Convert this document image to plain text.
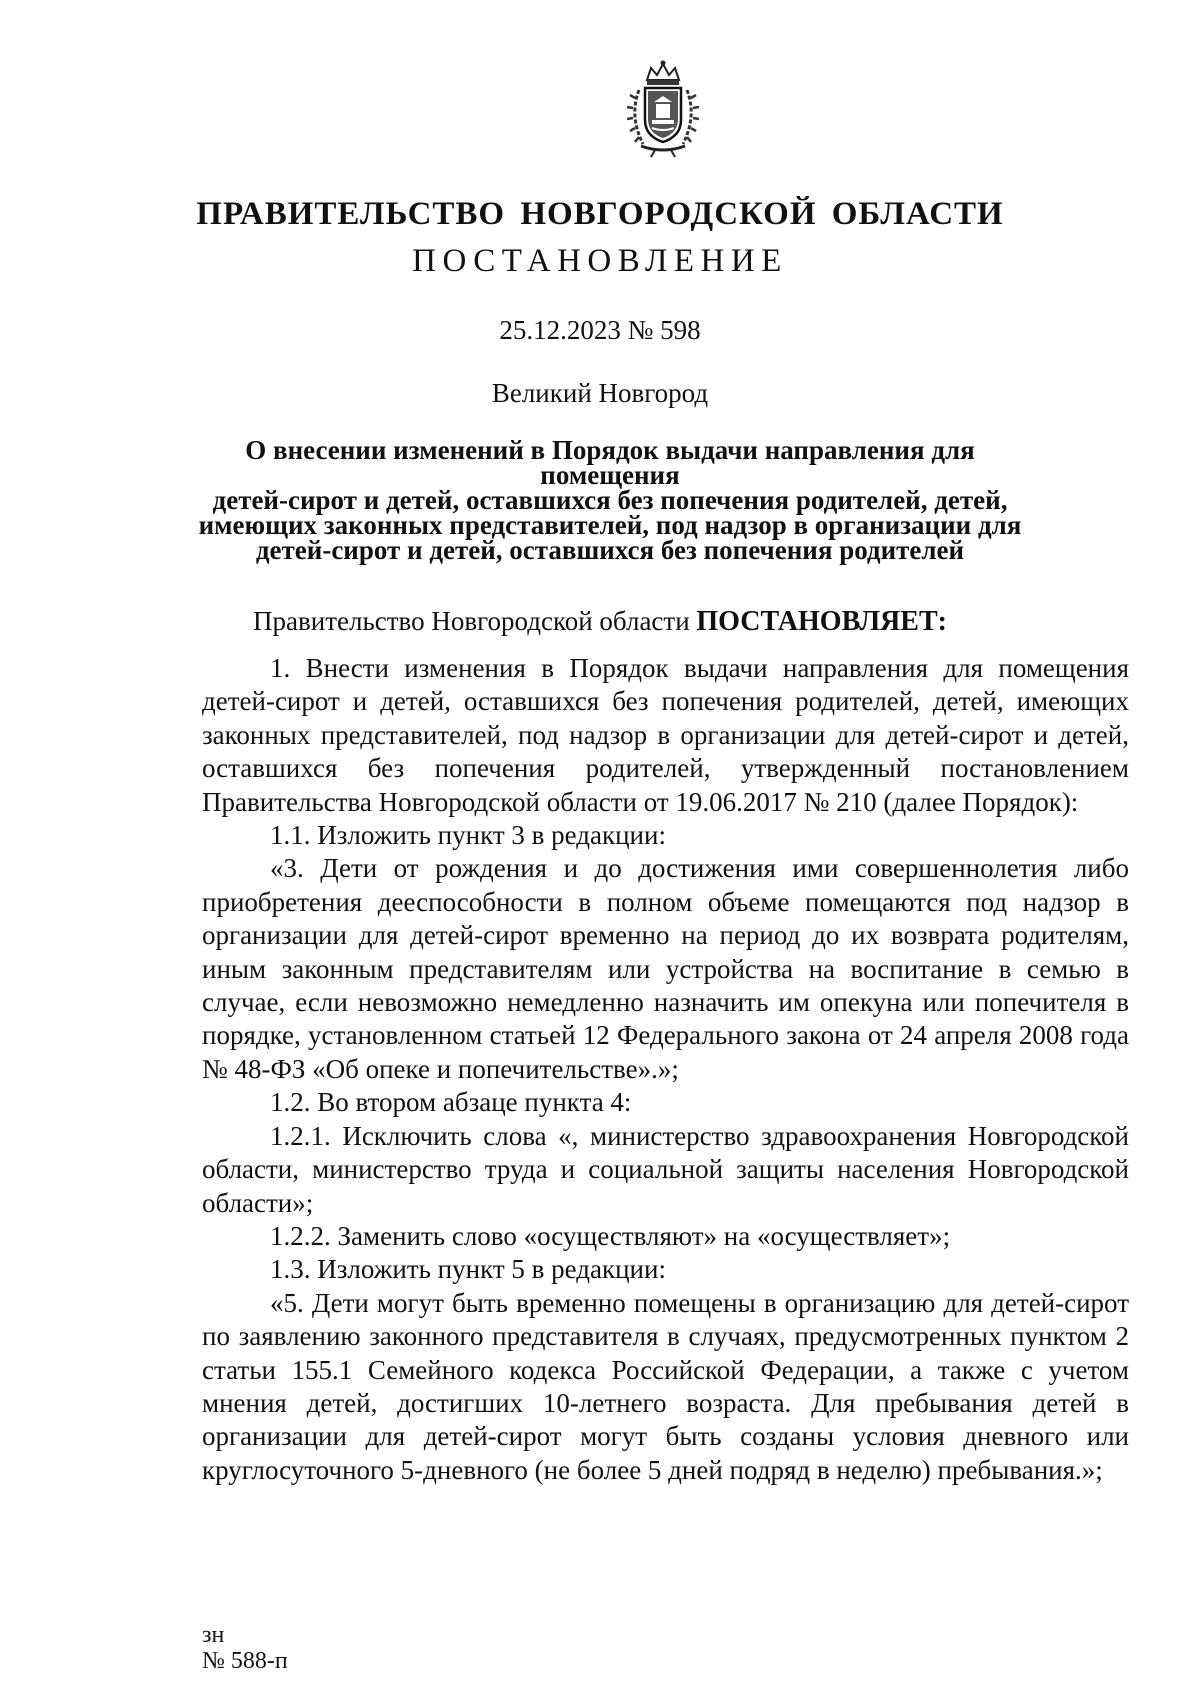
ПРАВИТЕЛЬСТВО НОВГОРОДСКОЙ ОБЛАСТИ
ПОСТАНОВЛЕНИЕ
25.12.2023 № 598
Великий Новгород
О внесении изменений в Порядок выдачи направления для помещения
детей-сирот и детей, оставшихся без попечения родителей, детей,
имеющих законных представителей, под надзор в организации для
детей-сирот и детей, оставшихся без попечения родителей
Правительство Новгородской области ПОСТАНОВЛЯЕТ:

1. Внести изменения в Порядок выдачи направления для помещения детей-сирот и детей, оставшихся без попечения родителей, детей, имеющих законных представителей, под надзор в организации для детей-сирот и детей, оставшихся без попечения родителей, утвержденный постановлением Правительства Новгородской области от 19.06.2017 № 210 (далее Порядок):

1.1. Изложить пункт 3 в редакции:

«3. Дети от рождения и до достижения ими совершеннолетия либо приобретения дееспособности в полном объеме помещаются под надзор в организации для детей-сирот временно на период до их возврата родителям, иным законным представителям или устройства на воспитание в семью в случае, если невозможно немедленно назначить им опекуна или попечителя в порядке, установленном статьей 12 Федерального закона от 24 апреля 2008 года № 48-ФЗ «Об опеке и попечительстве».»;

1.2. Во втором абзаце пункта 4:

1.2.1. Исключить слова «, министерство здравоохранения Новгородской области, министерство труда и социальной защиты населения Новгородской области»;

1.2.2. Заменить слово «осуществляют» на «осуществляет»;

1.3. Изложить пункт 5 в редакции:

«5. Дети могут быть временно помещены в организацию для детей-сирот по заявлению законного представителя в случаях, предусмотренных пунктом 2 статьи 155.1 Семейного кодекса Российской Федерации, а также с учетом мнения детей, достигших 10-летнего возраста. Для пребывания детей в организации для детей-сирот могут быть созданы условия дневного или круглосуточного 5-дневного (не более 5 дней подряд в неделю) пребывания.»;

зн
№ 588-п
